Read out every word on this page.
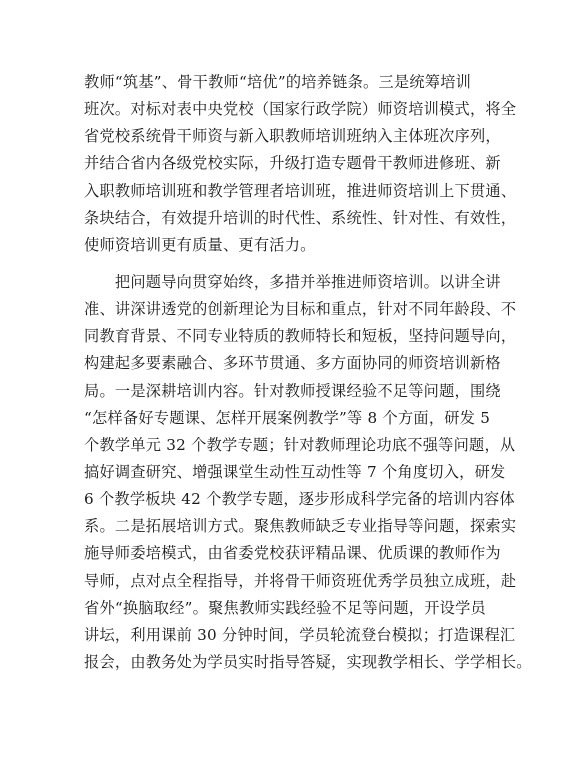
教师“筑基”、骨干教师“培优”的培养链条。三是统筹培训
班次。对标对表中央党校（国家行政学院）师资培训模式，将全
省党校系统骨干师资与新入职教师培训班纳入主体班次序列，
并结合省内各级党校实际，升级打造专题骨干教师进修班、新
入职教师培训班和教学管理者培训班，推进师资培训上下贯通、
条块结合，有效提升培训的时代性、系统性、针对性、有效性，
使师资培训更有质量、更有活力。
　　把问题导向贯穿始终，多措并举推进师资培训。以讲全讲
准、讲深讲透党的创新理论为目标和重点，针对不同年龄段、不
同教育背景、不同专业特质的教师特长和短板，坚持问题导向，
构建起多要素融合、多环节贯通、多方面协同的师资培训新格
局。一是深耕培训内容。针对教师授课经验不足等问题，围绕
“怎样备好专题课、怎样开展案例教学”等 8 个方面，研发 5
个教学单元 32 个教学专题；针对教师理论功底不强等问题，从
搞好调查研究、增强课堂生动性互动性等 7 个角度切入，研发
6 个教学板块 42 个教学专题，逐步形成科学完备的培训内容体
系。二是拓展培训方式。聚焦教师缺乏专业指导等问题，探索实
施导师委培模式，由省委党校获评精品课、优质课的教师作为
导师，点对点全程指导，并将骨干师资班优秀学员独立成班，赴
省外“换脑取经”。聚焦教师实践经验不足等问题，开设学员
讲坛，利用课前 30 分钟时间，学员轮流登台模拟；打造课程汇
报会，由教务处为学员实时指导答疑，实现教学相长、学学相长。
